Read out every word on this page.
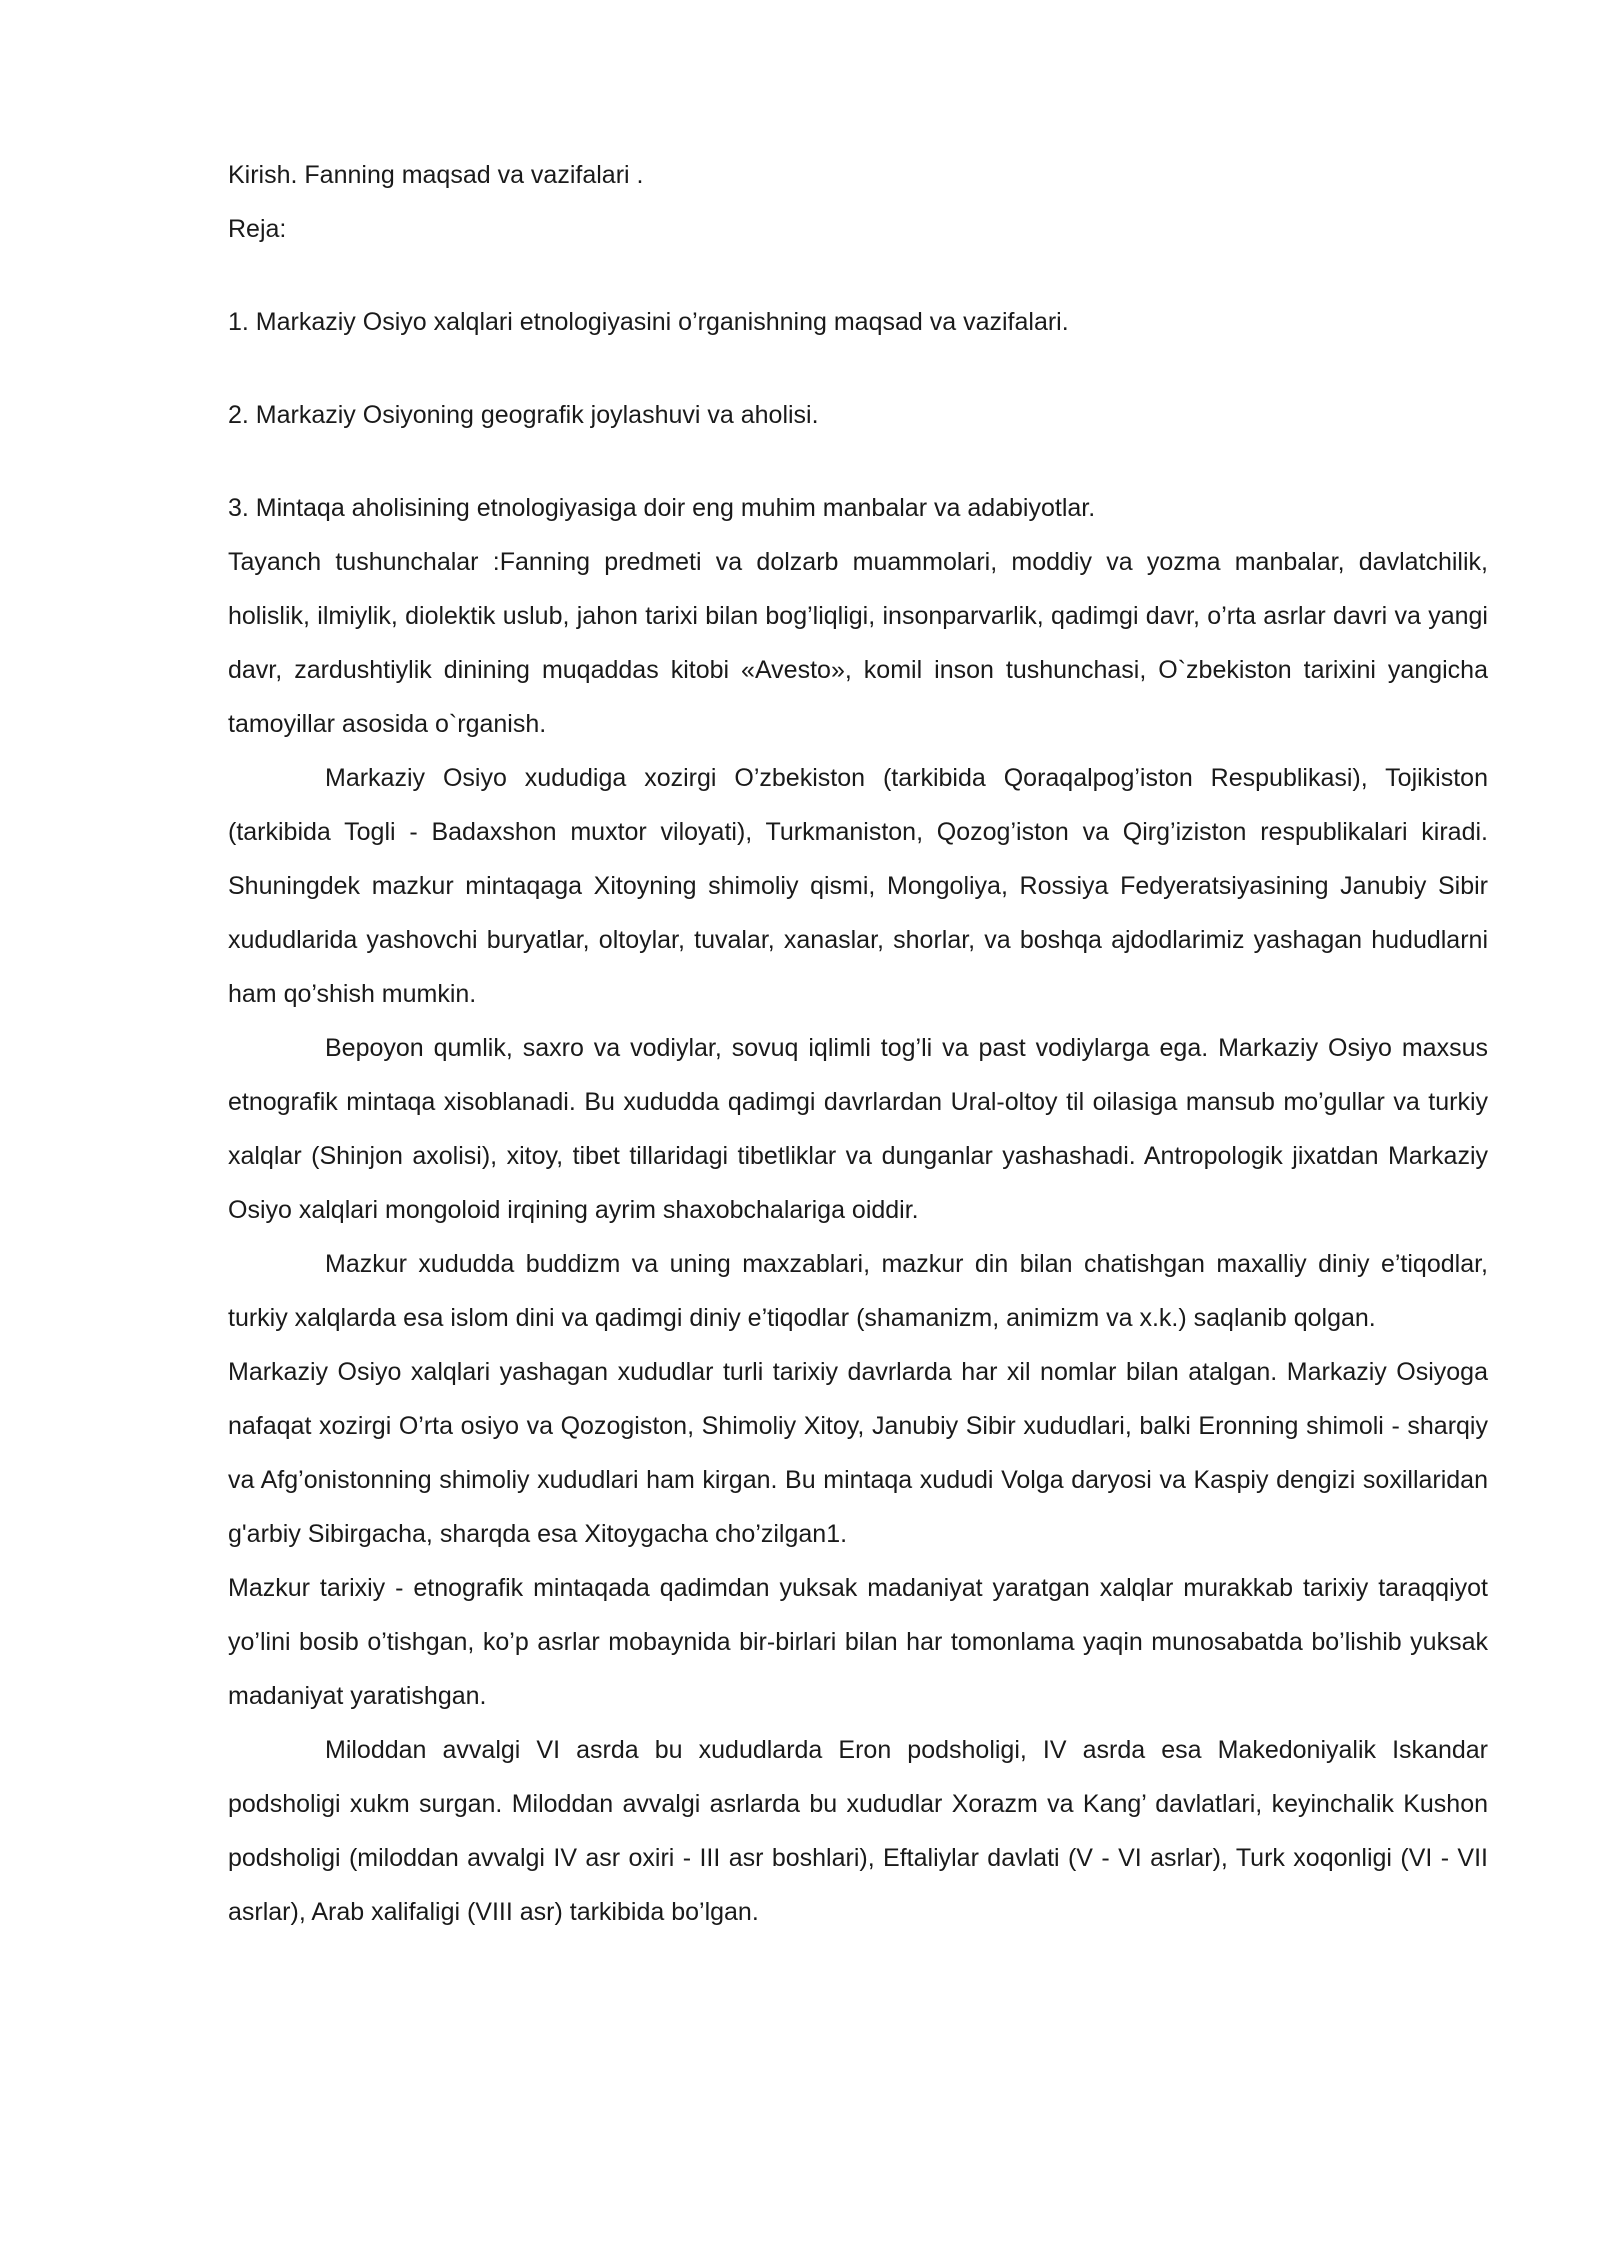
Kirish. Fanning maqsad va vazifalari .

Reja:

1. Markaziy Osiyo xalqlari etnologiyasini o’rganishning maqsad va vazifalari.

2. Markaziy Osiyoning geografik joylashuvi va aholisi.

3. Mintaqa aholisining etnologiyasiga doir eng muhim manbalar va adabiyotlar.

Tayanch tushunchalar :Fanning predmeti va dolzarb muammolari, moddiy va yozma manbalar, davlatchilik, holislik, ilmiylik, diolektik uslub, jahon tarixi bilan bog’liqligi, insonparvarlik, qadimgi davr, o’rta asrlar davri va yangi davr, zardushtiylik dinining muqaddas kitobi «Avesto», komil inson tushunchasi, O`zbekiston tarixini yangicha tamoyillar asosida o`rganish.

Markaziy Osiyo xududiga xozirgi O’zbekiston (tarkibida Qoraqalpog’iston Respublikasi), Tojikiston (tarkibida Togli - Badaxshon muxtor viloyati), Turkmaniston, Qozog’iston va Qirg’iziston respublikalari kiradi. Shuningdek mazkur mintaqaga Xitoyning shimoliy qismi, Mongoliya, Rossiya Fedyeratsiyasining Janubiy Sibir xududlarida yashovchi buryatlar, oltoylar, tuvalar, xanaslar, shorlar, va boshqa ajdodlarimiz yashagan hududlarni ham qo’shish mumkin.

Bepoyon qumlik, saxro va vodiylar, sovuq iqlimli tog’li va past vodiylarga ega. Markaziy Osiyo maxsus etnografik mintaqa xisoblanadi. Bu xududda qadimgi davrlardan Ural-oltoy til oilasiga mansub mo’gullar va turkiy xalqlar (Shinjon axolisi), xitoy, tibet tillaridagi tibetliklar va dunganlar yashashadi. Antropologik jixatdan Markaziy Osiyo xalqlari mongoloid irqining ayrim shaxobchalariga oiddir.

Mazkur xududda buddizm va uning maxzablari, mazkur din bilan chatishgan maxalliy diniy e’tiqodlar, turkiy xalqlarda esa islom dini va qadimgi diniy e’tiqodlar (shamanizm, animizm va x.k.) saqlanib qolgan.

Markaziy Osiyo xalqlari yashagan xududlar turli tarixiy davrlarda har xil nomlar bilan atalgan. Markaziy Osiyoga nafaqat xozirgi O’rta osiyo va Qozogiston, Shimoliy Xitoy, Janubiy Sibir xududlari, balki Eronning shimoli - sharqiy va Afg’onistonning shimoliy xududlari ham kirgan. Bu mintaqa xududi Volga daryosi va Kaspiy dengizi soxillaridan g'arbiy Sibirgacha, sharqda esa Xitoygacha cho’zilgan1.

Mazkur tarixiy - etnografik mintaqada qadimdan yuksak madaniyat yaratgan xalqlar murakkab tarixiy taraqqiyot yo’lini bosib o’tishgan, ko’p asrlar mobaynida bir-birlari bilan har tomonlama yaqin munosabatda bo’lishib yuksak madaniyat yaratishgan.

Miloddan avvalgi VI asrda bu xududlarda Eron podsholigi, IV asrda esa Makedoniyalik Iskandar podsholigi xukm surgan. Miloddan avvalgi asrlarda bu xududlar Xorazm va Kang’ davlatlari, keyinchalik Kushon podsholigi (miloddan avvalgi IV asr oxiri - III asr boshlari), Eftaliylar davlati (V - VI asrlar), Turk xoqonligi (VI - VII asrlar), Arab xalifaligi (VIII asr) tarkibida bo’lgan.
